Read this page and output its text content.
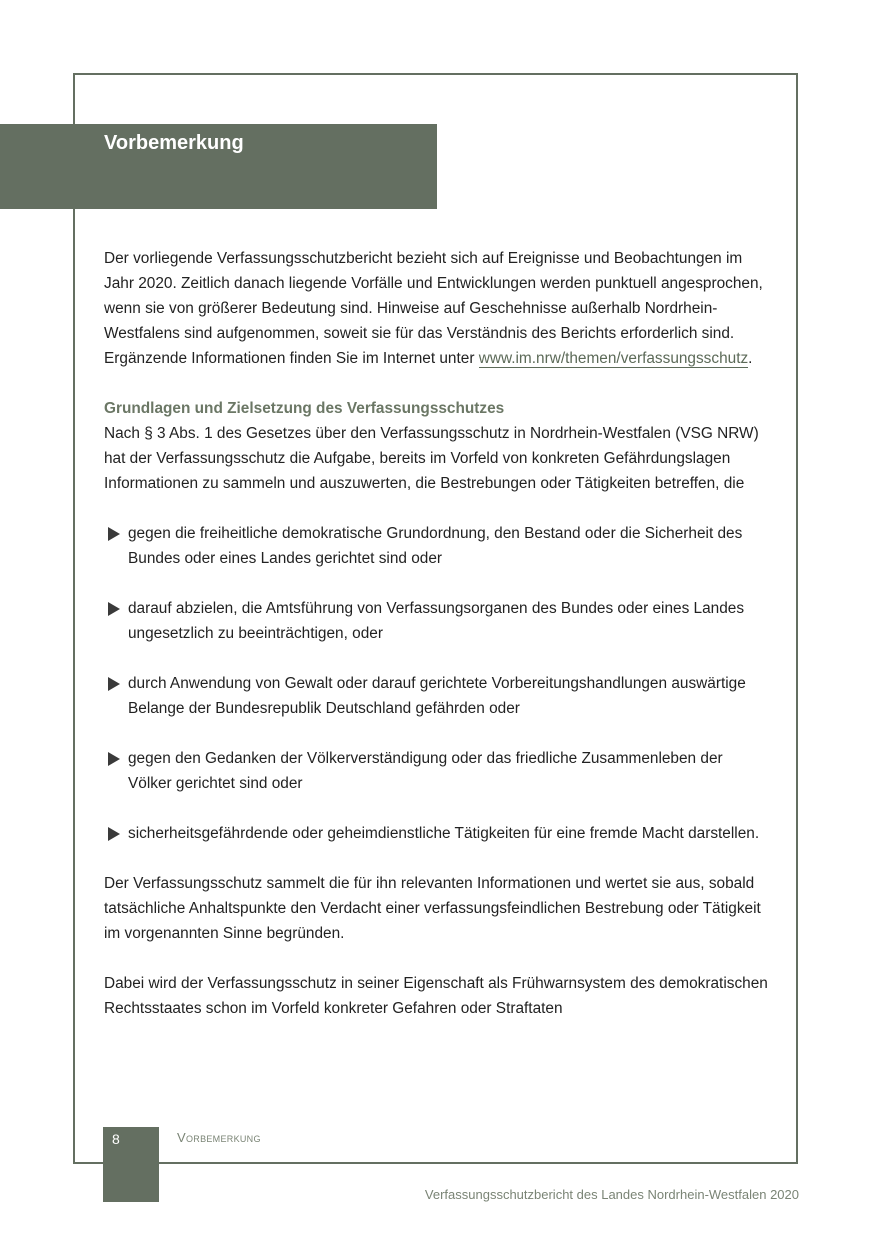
Vorbemerkung

Der vorliegende Verfassungsschutzbericht bezieht sich auf Ereignisse und Beobachtungen im Jahr 2020. Zeitlich danach liegende Vorfälle und Entwicklungen werden punktuell angesprochen, wenn sie von größerer Bedeutung sind. Hinweise auf Geschehnisse außerhalb Nordrhein-Westfalens sind aufgenommen, soweit sie für das Verständnis des Berichts erforderlich sind. Ergänzende Informationen finden Sie im Internet unter www.im.nrw/themen/verfassungsschutz.

Grundlagen und Zielsetzung des Verfassungsschutzes

Nach § 3 Abs. 1 des Gesetzes über den Verfassungsschutz in Nordrhein-Westfalen (VSG NRW) hat der Verfassungsschutz die Aufgabe, bereits im Vorfeld von konkreten Gefährdungslagen Informationen zu sammeln und auszuwerten, die Bestrebungen oder Tätigkeiten betreffen, die

gegen die freiheitliche demokratische Grundordnung, den Bestand oder die Sicherheit des Bundes oder eines Landes gerichtet sind oder
darauf abzielen, die Amtsführung von Verfassungsorganen des Bundes oder eines Landes ungesetzlich zu beeinträchtigen, oder
durch Anwendung von Gewalt oder darauf gerichtete Vorbereitungshandlungen auswärtige Belange der Bundesrepublik Deutschland gefährden oder
gegen den Gedanken der Völkerverständigung oder das friedliche Zusammenleben der Völker gerichtet sind oder
sicherheitsgefährdende oder geheimdienstliche Tätigkeiten für eine fremde Macht darstellen.

Der Verfassungsschutz sammelt die für ihn relevanten Informationen und wertet sie aus, sobald tatsächliche Anhaltspunkte den Verdacht einer verfassungsfeindlichen Bestrebung oder Tätigkeit im vorgenannten Sinne begründen.

Dabei wird der Verfassungsschutz in seiner Eigenschaft als Frühwarnsystem des demokratischen Rechtsstaates schon im Vorfeld konkreter Gefahren oder Straftaten

8	Vorbemerkung
Verfassungsschutzbericht des Landes Nordrhein-Westfalen 2020
